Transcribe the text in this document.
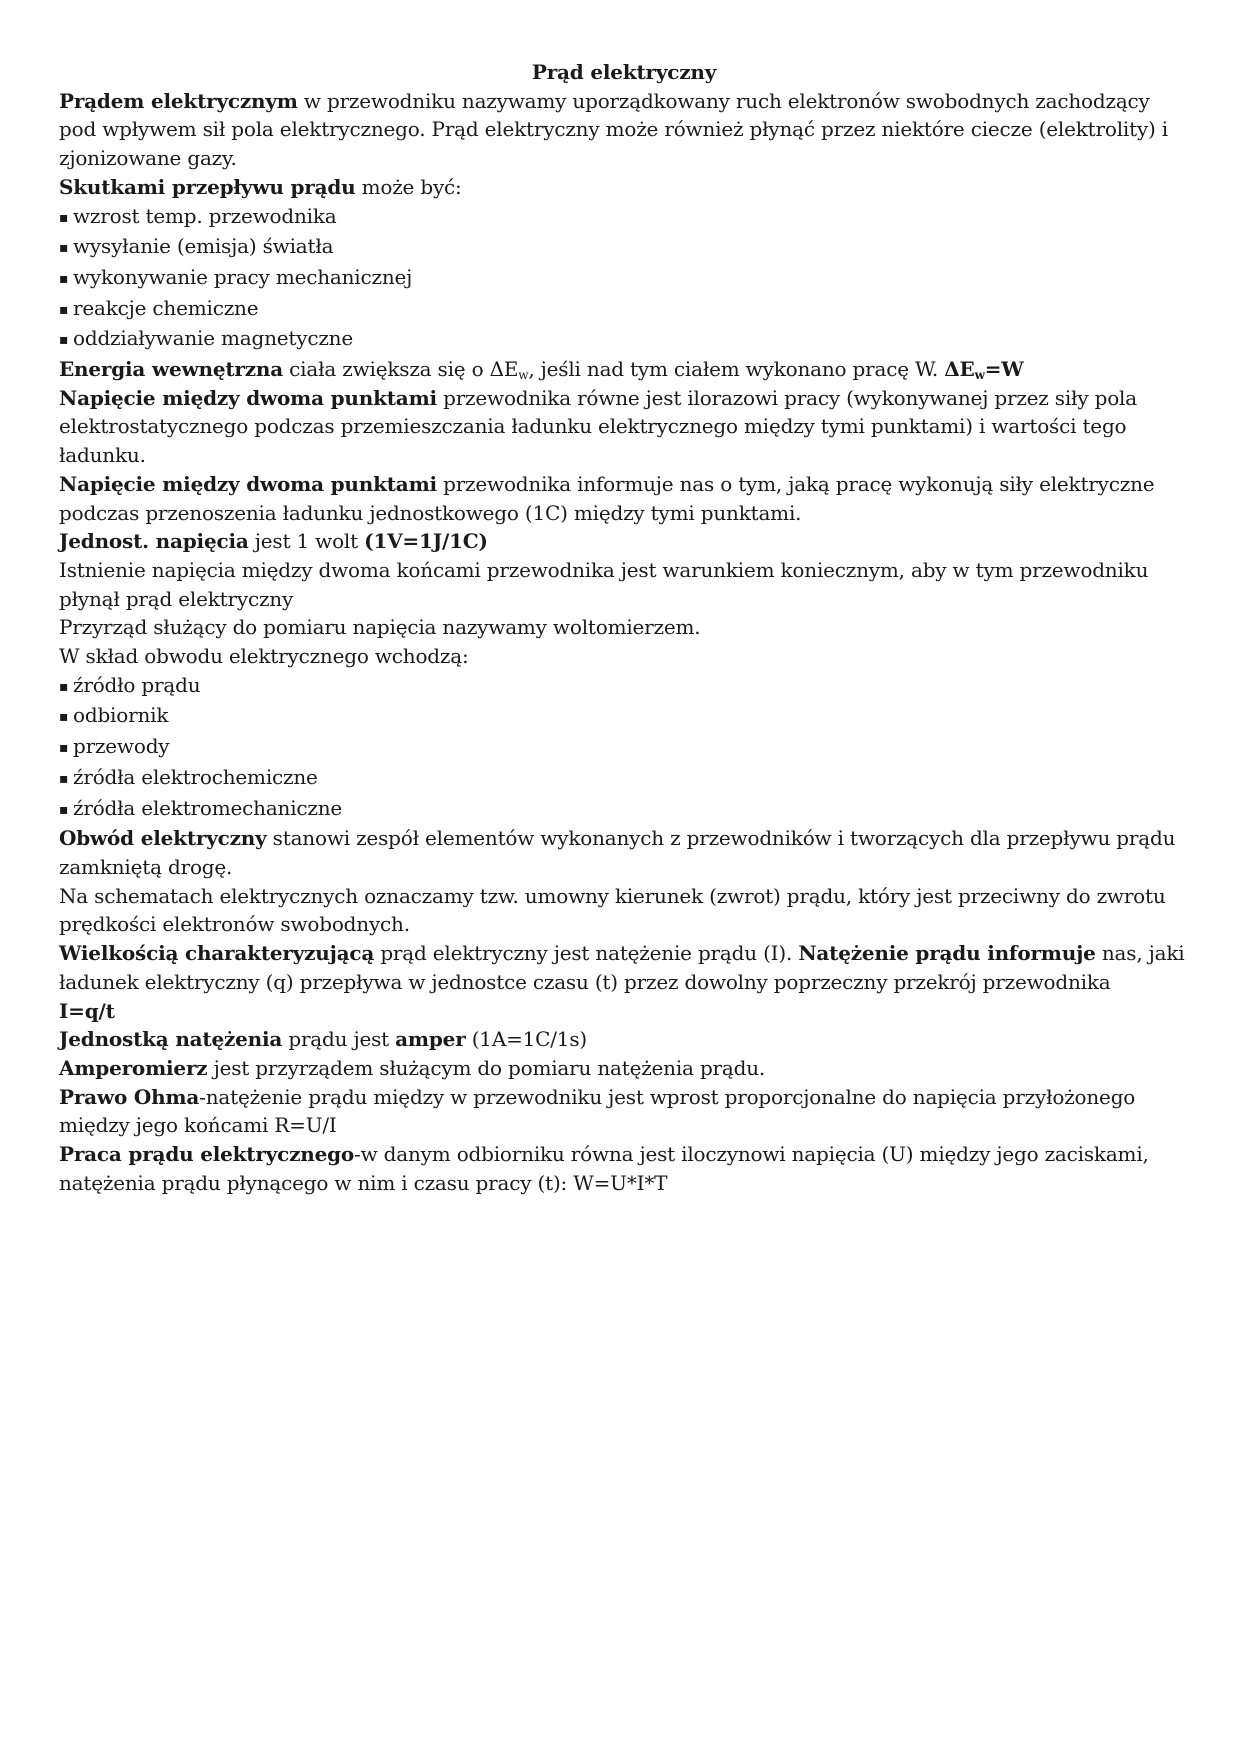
Prąd elektryczny

Prądem elektrycznym w przewodniku nazywamy uporządkowany ruch elektronów swobodnych zachodzący pod wpływem sił pola elektrycznego. Prąd elektryczny może również płynąć przez niektóre ciecze (elektrolity) i zjonizowane gazy.

Skutkami przepływu prądu może być:

▪ wzrost temp. przewodnika

▪ wysyłanie (emisja) światła

▪ wykonywanie pracy mechanicznej

▪ reakcje chemiczne

▪ oddziaływanie magnetyczne

Energia wewnętrzna ciała zwiększa się o $\Delta E_w$, jeśli nad tym ciałem wykonano pracę W. $\Delta E_w=W$

Napięcie między dwoma punktami przewodnika równe jest ilorazowi pracy (wykonywanej przez siły pola elektrostatycznego podczas przemieszczania ładunku elektrycznego między tymi punktami) i wartości tego ładunku.

Napięcie między dwoma punktami przewodnika informuje nas o tym, jaką pracę wykonują siły elektryczne podczas przenoszenia ładunku jednostkowego (1C) między tymi punktami.

Jednost. napięcia jest 1 wolt (1V=1J/1C)

Istnienie napięcia między dwoma końcami przewodnika jest warunkiem koniecznym, aby w tym przewodniku płynął prąd elektryczny

Przyrząd służący do pomiaru napięcia nazywamy woltomierzem.

W skład obwodu elektrycznego wchodzą:

▪ źródło prądu

▪ odbiornik

▪ przewody

▪ źródła elektrochemiczne

▪ źródła elektromechaniczne

Obwód elektryczny stanowi zespół elementów wykonanych z przewodników i tworzących dla przepływu prądu zamkniętą drogę.

Na schematach elektrycznych oznaczamy tzw. umowny kierunek (zwrot) prądu, który jest przeciwny do zwrotu prędkości elektronów swobodnych.

Wielkością charakteryzującą prąd elektryczny jest natężenie prądu (I). Natężenie prądu informuje nas, jaki ładunek elektryczny (q) przepływa w jednostce czasu (t) przez dowolny poprzeczny przekrój przewodnika

I=q/t

Jednostką natężenia prądu jest amper (1A=1C/1s)

Amperomierz jest przyrządem służącym do pomiaru natężenia prądu.

Prawo Ohma-natężenie prądu między w przewodniku jest wprost proporcjonalne do napięcia przyłożonego między jego końcami R=U/I

Praca prądu elektrycznego-w danym odbiorniku równa jest iloczynowi napięcia (U) między jego zaciskami, natężenia prądu płynącego w nim i czasu pracy (t): W=U*I*T
